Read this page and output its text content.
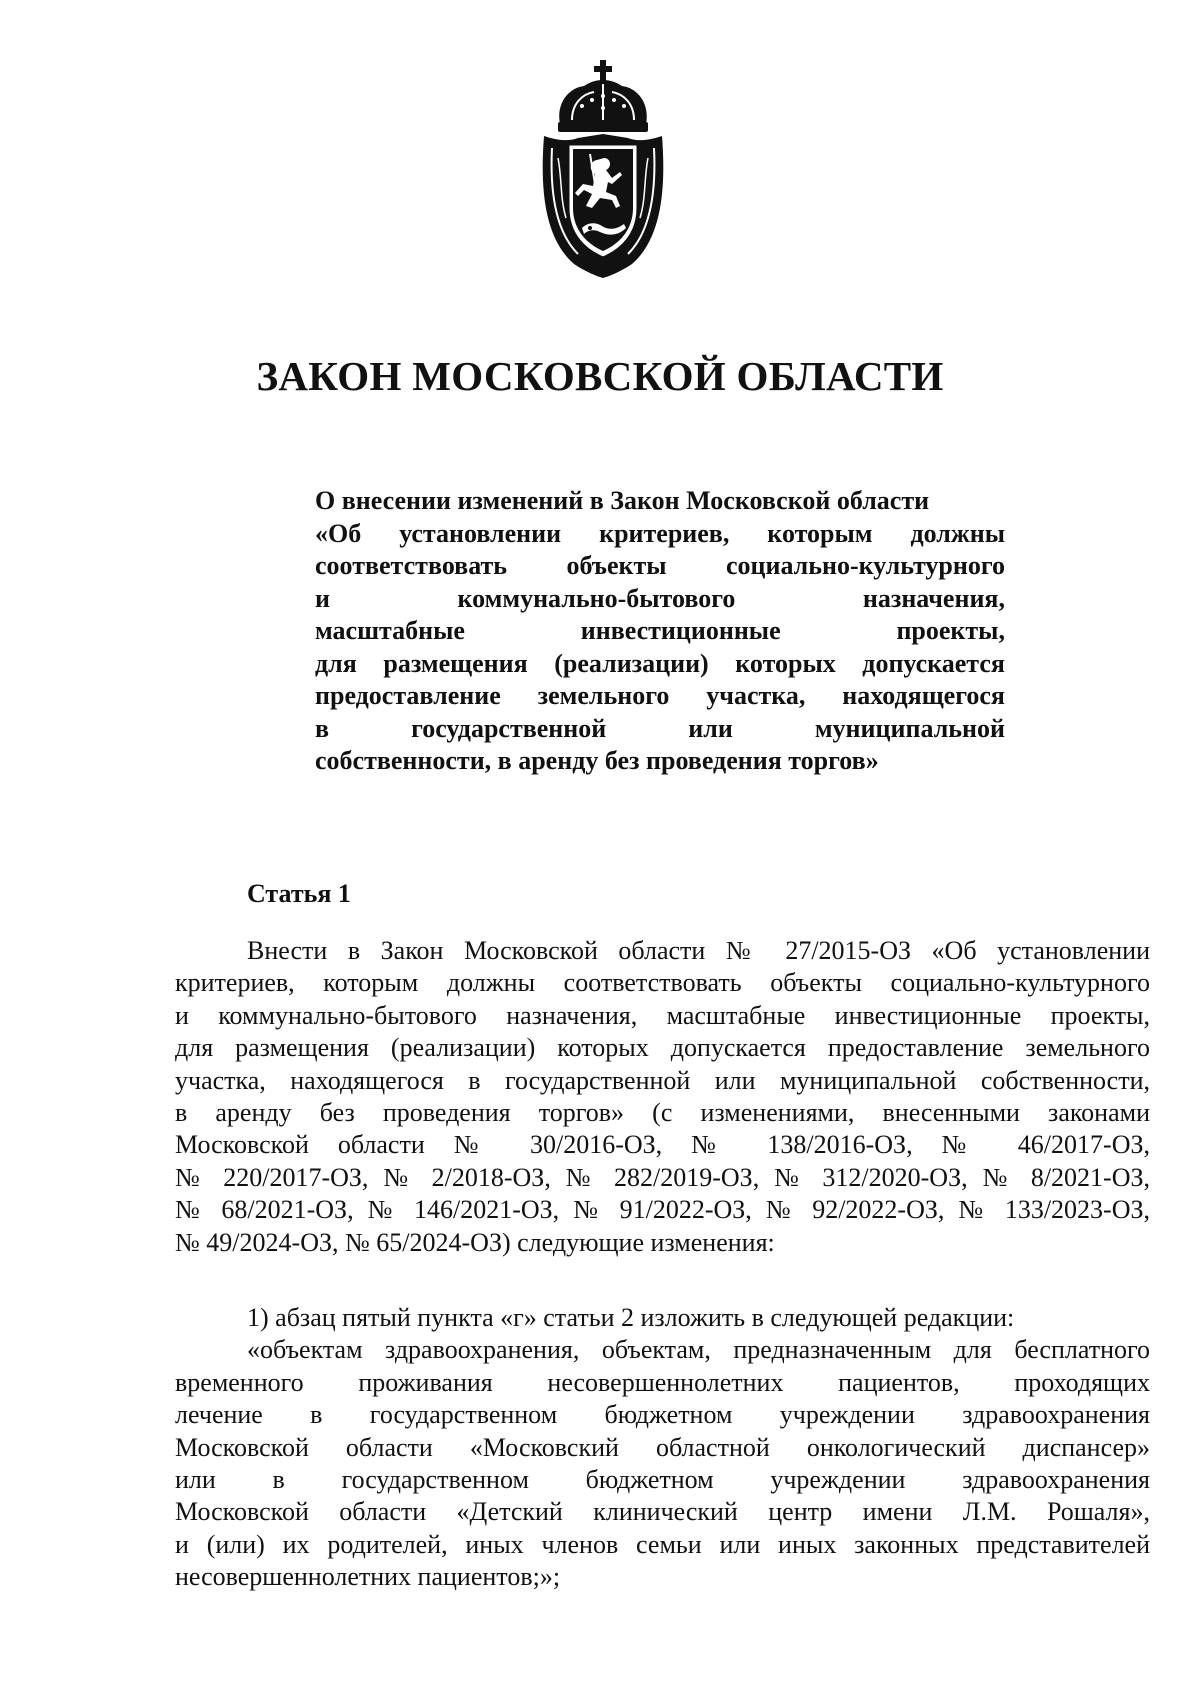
ЗАКОН МОСКОВСКОЙ ОБЛАСТИ
О внесении изменений в Закон Московской области
«Об установлении критериев, которым должны
соответствовать объекты социально-культурного
и коммунально-бытового назначения,
масштабные инвестиционные проекты,
для размещения (реализации) которых допускается
предоставление земельного участка, находящегося
в государственной или муниципальной
собственности, в аренду без проведения торгов»
Статья 1
Внести в Закон Московской области № 27/2015-ОЗ «Об установлении
критериев, которым должны соответствовать объекты социально-культурного
и коммунально-бытового назначения, масштабные инвестиционные проекты,
для размещения (реализации) которых допускается предоставление земельного
участка, находящегося в государственной или муниципальной собственности,
в аренду без проведения торгов» (с изменениями, внесенными законами
Московской области № 30/2016-ОЗ, № 138/2016-ОЗ, № 46/2017-ОЗ,
№ 220/2017-ОЗ, № 2/2018-ОЗ, № 282/2019-ОЗ, № 312/2020-ОЗ, № 8/2021-ОЗ,
№ 68/2021-ОЗ, № 146/2021-ОЗ, № 91/2022-ОЗ, № 92/2022-ОЗ, № 133/2023-ОЗ,
№ 49/2024-ОЗ, № 65/2024-ОЗ) следующие изменения:
1) абзац пятый пункта «г» статьи 2 изложить в следующей редакции:
«объектам здравоохранения, объектам, предназначенным для бесплатного
временного проживания несовершеннолетних пациентов, проходящих
лечение в государственном бюджетном учреждении здравоохранения
Московской области «Московский областной онкологический диспансер»
или в государственном бюджетном учреждении здравоохранения
Московской области «Детский клинический центр имени Л.М. Рошаля»,
и (или) их родителей, иных членов семьи или иных законных представителей
несовершеннолетних пациентов;»;
